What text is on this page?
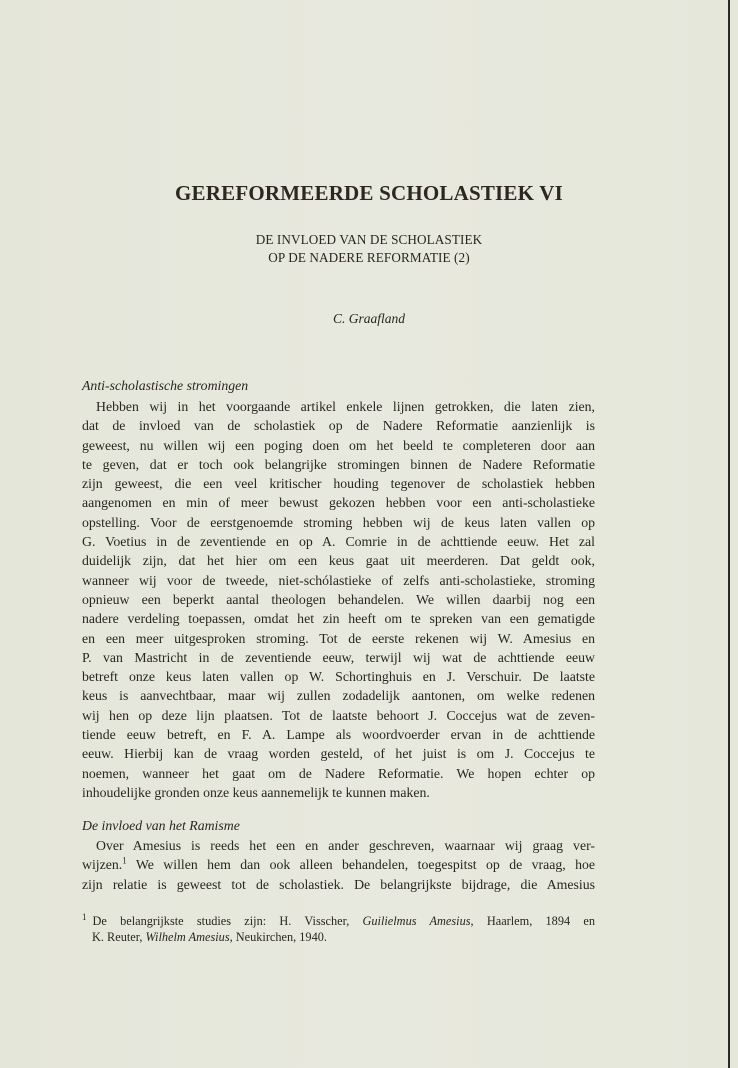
GEREFORMEERDE SCHOLASTIEK VI
DE INVLOED VAN DE SCHOLASTIEK
OP DE NADERE REFORMATIE (2)
C. Graafland
Anti-scholastische stromingen
Hebben wij in het voorgaande artikel enkele lijnen getrokken, die laten zien,
dat de invloed van de scholastiek op de Nadere Reformatie aanzienlijk is
geweest, nu willen wij een poging doen om het beeld te completeren door aan
te geven, dat er toch ook belangrijke stromingen binnen de Nadere Reformatie
zijn geweest, die een veel kritischer houding tegenover de scholastiek hebben
aangenomen en min of meer bewust gekozen hebben voor een anti-scholastieke
opstelling. Voor de eerstgenoemde stroming hebben wij de keus laten vallen op
G. Voetius in de zeventiende en op A. Comrie in de achttiende eeuw. Het zal
duidelijk zijn, dat het hier om een keus gaat uit meerderen. Dat geldt ook,
wanneer wij voor de tweede, niet-schólastieke of zelfs anti-scholastieke, stroming
opnieuw een beperkt aantal theologen behandelen. We willen daarbij nog een
nadere verdeling toepassen, omdat het zin heeft om te spreken van een gematigde
en een meer uitgesproken stroming. Tot de eerste rekenen wij W. Amesius en
P. van Mastricht in de zeventiende eeuw, terwijl wij wat de achttiende eeuw
betreft onze keus laten vallen op W. Schortinghuis en J. Verschuir. De laatste
keus is aanvechtbaar, maar wij zullen zodadelijk aantonen, om welke redenen
wij hen op deze lijn plaatsen. Tot de laatste behoort J. Coccejus wat de zeven-
tiende eeuw betreft, en F. A. Lampe als woordvoerder ervan in de achttiende
eeuw. Hierbij kan de vraag worden gesteld, of het juist is om J. Coccejus te
noemen, wanneer het gaat om de Nadere Reformatie. We hopen echter op
inhoudelijke gronden onze keus aannemelijk te kunnen maken.
De invloed van het Ramisme
Over Amesius is reeds het een en ander geschreven, waarnaar wij graag ver-
wijzen.$^1$ We willen hem dan ook alleen behandelen, toegespitst op de vraag, hoe
zijn relatie is geweest tot de scholastiek. De belangrijkste bijdrage, die Amesius
$^1$ De belangrijkste studies zijn: H. Visscher, Guilielmus Amesius, Haarlem, 1894 en
K. Reuter, Wilhelm Amesius, Neukirchen, 1940.
